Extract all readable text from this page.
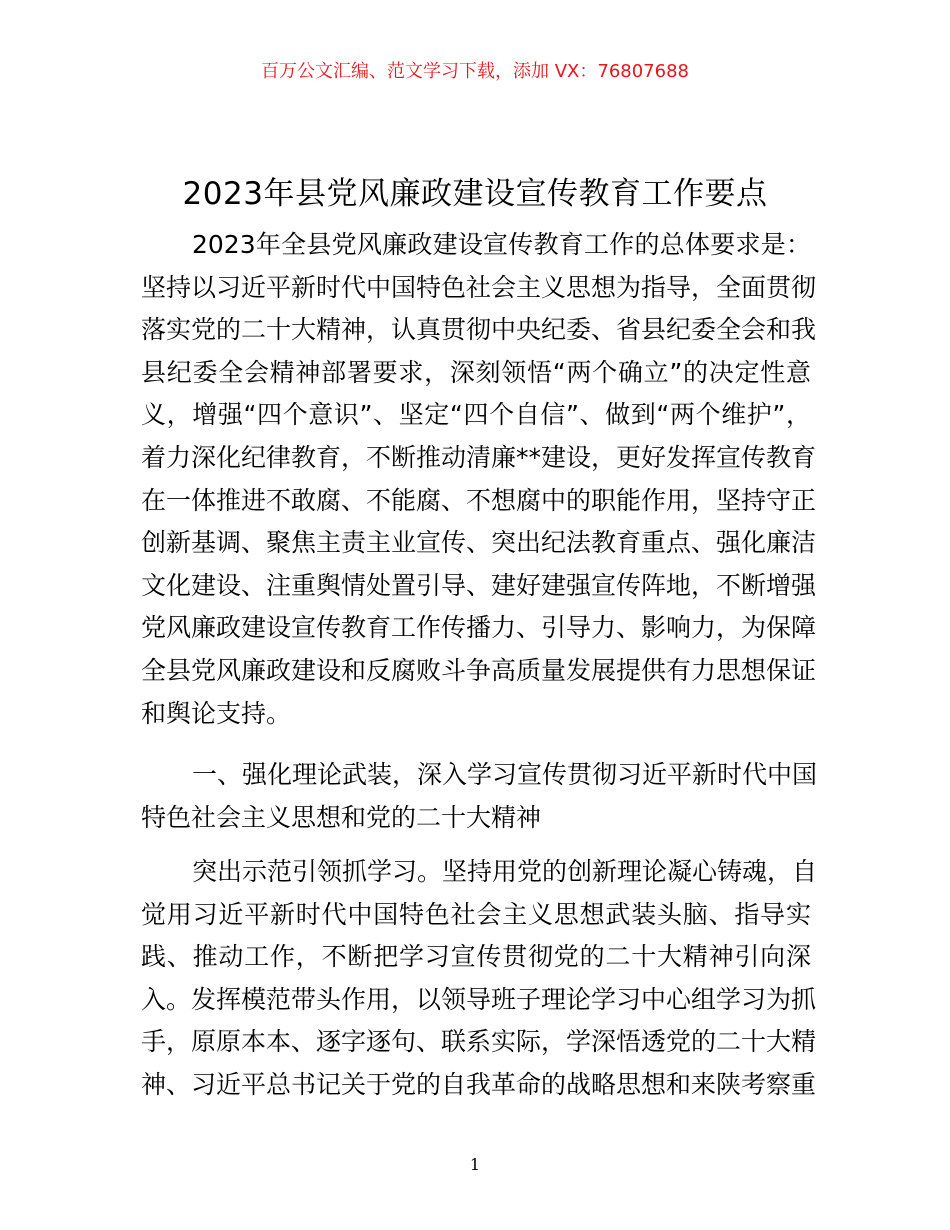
百万公文汇编、范文学习下载，添加 VX：76807688
2023年县党风廉政建设宣传教育工作要点
2023年全县党风廉政建设宣传教育工作的总体要求是：
坚持以习近平新时代中国特色社会主义思想为指导，全面贯彻
落实党的二十大精神，认真贯彻中央纪委、省县纪委全会和我
县纪委全会精神部署要求，深刻领悟“两个确立”的决定性意
义，增强“四个意识”、坚定“四个自信”、做到“两个维护”，
着力深化纪律教育，不断推动清廉**建设，更好发挥宣传教育
在一体推进不敢腐、不能腐、不想腐中的职能作用，坚持守正
创新基调、聚焦主责主业宣传、突出纪法教育重点、强化廉洁
文化建设、注重舆情处置引导、建好建强宣传阵地，不断增强
党风廉政建设宣传教育工作传播力、引导力、影响力，为保障
全县党风廉政建设和反腐败斗争高质量发展提供有力思想保证
和舆论支持。
一、强化理论武装，深入学习宣传贯彻习近平新时代中国
特色社会主义思想和党的二十大精神
突出示范引领抓学习。坚持用党的创新理论凝心铸魂，自
觉用习近平新时代中国特色社会主义思想武装头脑、指导实
践、推动工作，不断把学习宣传贯彻党的二十大精神引向深
入。发挥模范带头作用，以领导班子理论学习中心组学习为抓
手，原原本本、逐字逐句、联系实际，学深悟透党的二十大精
神、习近平总书记关于党的自我革命的战略思想和来陕考察重
1
